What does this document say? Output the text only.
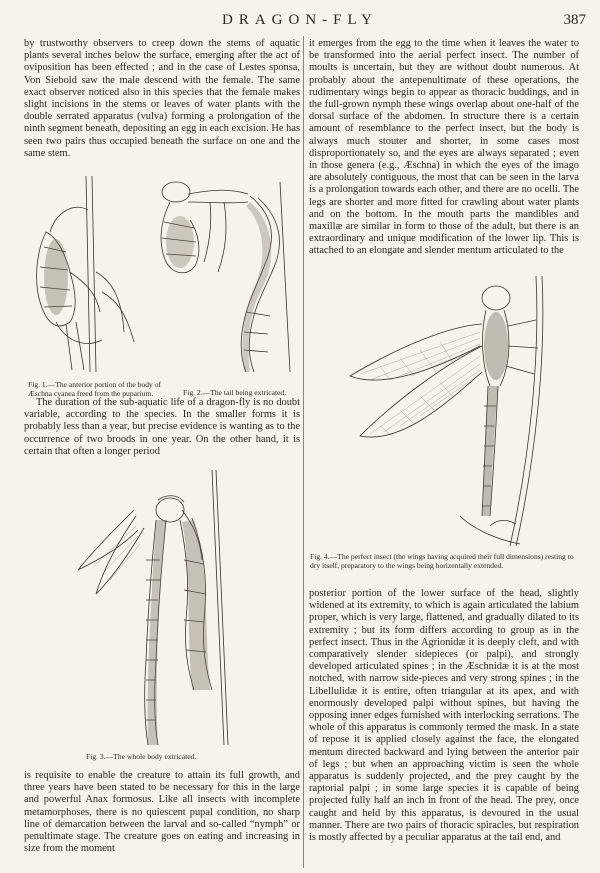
DRAGON-FLY	387

by trustworthy observers to creep down the stems of aquatic plants several inches below the surface, emerging after the act of oviposition has been effected ; and in the case of Lestes sponsa, Von Siebold saw the male descend with the female. The same exact observer noticed also in this species that the female makes slight incisions in the stems or leaves of water plants with the double serrated apparatus (vulva) forming a prolongation of the ninth segment beneath, depositing an egg in each excision. He has seen two pairs thus occupied beneath the surface on one and the same stem.

Fig. 1.—The anterior portion of the body of Æschna cyanea freed from the puparium.	Fig. 2.—The tail being extricated.

The duration of the sub-aquatic life of a dragon-fly is no doubt variable, according to the species. In the smaller forms it is probably less than a year, but precise evidence is wanting as to the occurrence of two broods in one year. On the other hand, it is certain that often a longer period

Fig. 3.—The whole body extricated.

is requisite to enable the creature to attain its full growth, and three years have been stated to be necessary for this in the large and powerful Anax formosus. Like all insects with incomplete metamorphoses, there is no quiescent pupal condition, no sharp line of demarcation between the larval and so-called “nymph” or penultimate stage. The creature goes on eating and increasing in size from the moment

it emerges from the egg to the time when it leaves the water to be transformed into the aerial perfect insect. The number of moults is uncertain, but they are without doubt numerous. At probably about the antepenultimate of these operations, the rudimentary wings begin to appear as thoracic buddings, and in the full-grown nymph these wings overlap about one-half of the dorsal surface of the abdomen. In structure there is a certain amount of resemblance to the perfect insect, but the body is always much stouter and shorter, in some cases most disproportionately so, and the eyes are always separated ; even in those genera (e.g., Æschna) in which the eyes of the imago are absolutely contiguous, the most that can be seen in the larva is a prolongation towards each other, and there are no ocelli. The legs are shorter and more fitted for crawling about water plants and on the bottom. In the mouth parts the mandibles and maxillæ are similar in form to those of the adult, but there is an extraordinary and unique modification of the lower lip. This is attached to an elongate and slender mentum articulated to the

Fig. 4.—The perfect insect (the wings having acquired their full dimensions) resting to dry itself, preparatory to the wings being horizentally extended.

posterior portion of the lower surface of the head, slightly widened at its extremity, to which is again articulated the labium proper, which is very large, flattened, and gradually dilated to its extremity ; but its form differs according to group as in the perfect insect. Thus in the Agrionidæ it is deeply cleft, and with comparatively slender sidepieces (or palpi), and strongly developed articulated spines ; in the Æschnidæ it is at the most notched, with narrow side-pieces and very strong spines ; in the Libellulidæ it is entire, often triangular at its apex, and with enormously developed palpi without spines, but having the opposing inner edges furnished with interlocking serrations. The whole of this apparatus is commonly termed the mask. In a state of repose it is applied closely against the face, the elongated mentum directed backward and lying between the anterior pair of legs ; but when an approaching victim is seen the whole apparatus is suddenly projected, and the prey caught by the raptorial palpi ; in some large species it is capable of being projected fully half an inch in front of the head. The prey, once caught and held by this apparatus, is devoured in the usual manner. There are two pairs of thoracic spiracles, but respiration is mostly affected by a peculiar apparatus at the tail end, and
